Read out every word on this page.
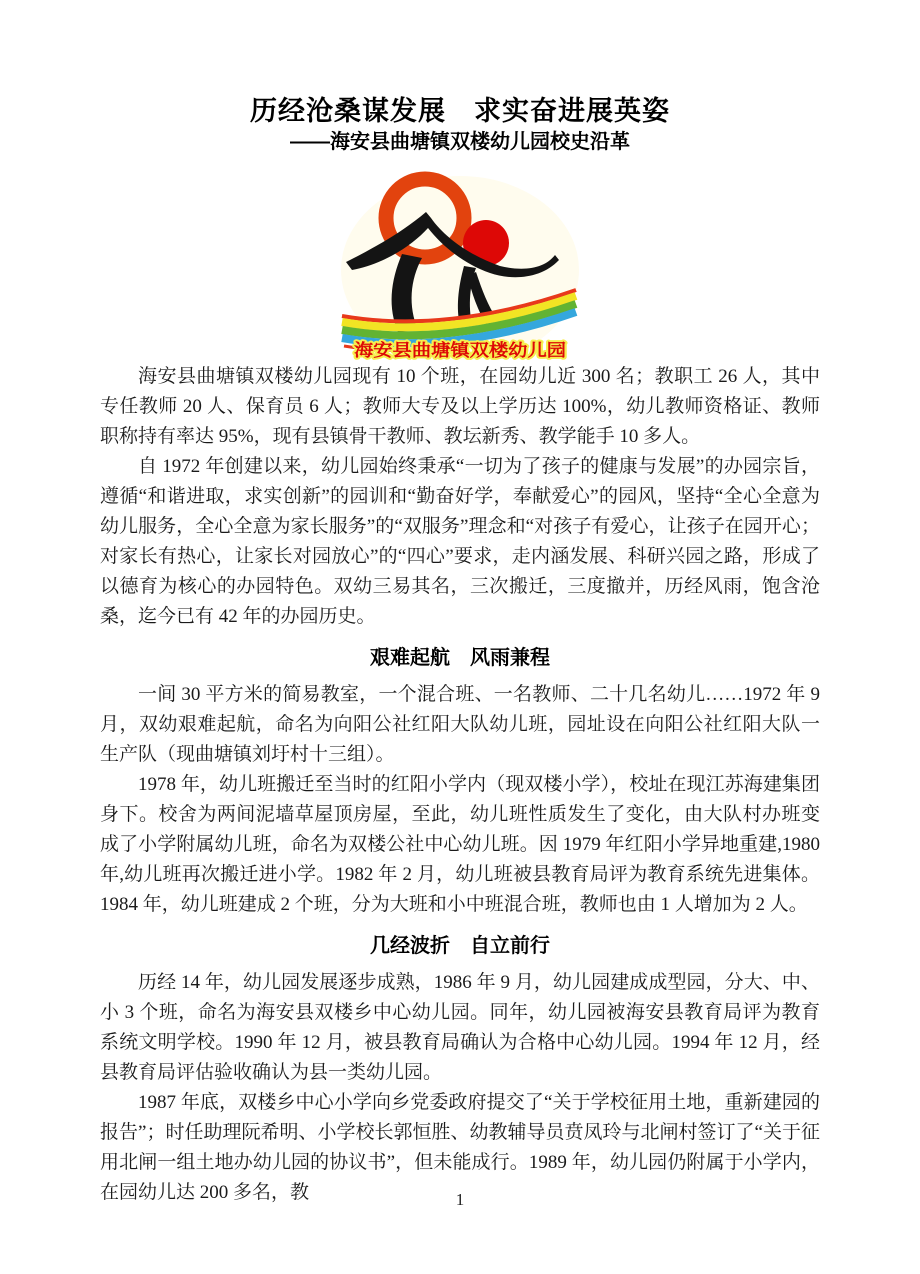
历经沧桑谋发展　求实奋进展英姿
——海安县曲塘镇双楼幼儿园校史沿革
海安县曲塘镇双楼幼儿园

海安县曲塘镇双楼幼儿园现有 10 个班，在园幼儿近 300 名；教职工 26 人，其中专任教师 20 人、保育员 6 人；教师大专及以上学历达 100%，幼儿教师资格证、教师职称持有率达 95%，现有县镇骨干教师、教坛新秀、教学能手 10 多人。

自 1972 年创建以来，幼儿园始终秉承“一切为了孩子的健康与发展”的办园宗旨，遵循“和谐进取，求实创新”的园训和“勤奋好学，奉献爱心”的园风，坚持“全心全意为幼儿服务，全心全意为家长服务”的“双服务”理念和“对孩子有爱心，让孩子在园开心；对家长有热心，让家长对园放心”的“四心”要求，走内涵发展、科研兴园之路，形成了以德育为核心的办园特色。双幼三易其名，三次搬迁，三度撤并，历经风雨，饱含沧桑，迄今已有 42 年的办园历史。

艰难起航　风雨兼程

一间 30 平方米的简易教室，一个混合班、一名教师、二十几名幼儿……1972 年 9 月，双幼艰难起航，命名为向阳公社红阳大队幼儿班，园址设在向阳公社红阳大队一生产队（现曲塘镇刘圩村十三组）。

1978 年，幼儿班搬迁至当时的红阳小学内（现双楼小学），校址在现江苏海建集团身下。校舍为两间泥墙草屋顶房屋，至此，幼儿班性质发生了变化，由大队村办班变成了小学附属幼儿班，命名为双楼公社中心幼儿班。因 1979 年红阳小学异地重建,1980 年,幼儿班再次搬迁进小学。1982 年 2 月，幼儿班被县教育局评为教育系统先进集体。1984 年，幼儿班建成 2 个班，分为大班和小中班混合班，教师也由 1 人增加为 2 人。

几经波折　自立前行

历经 14 年，幼儿园发展逐步成熟，1986 年 9 月，幼儿园建成成型园，分大、中、小 3 个班，命名为海安县双楼乡中心幼儿园。同年，幼儿园被海安县教育局评为教育系统文明学校。1990 年 12 月，被县教育局确认为合格中心幼儿园。1994 年 12 月，经县教育局评估验收确认为县一类幼儿园。

1987 年底，双楼乡中心小学向乡党委政府提交了“关于学校征用土地，重新建园的报告”；时任助理阮希明、小学校长郭恒胜、幼教辅导员贲凤玲与北闸村签订了“关于征用北闸一组土地办幼儿园的协议书”，但未能成行。1989 年，幼儿园仍附属于小学内，在园幼儿达 200 多名，教	1
